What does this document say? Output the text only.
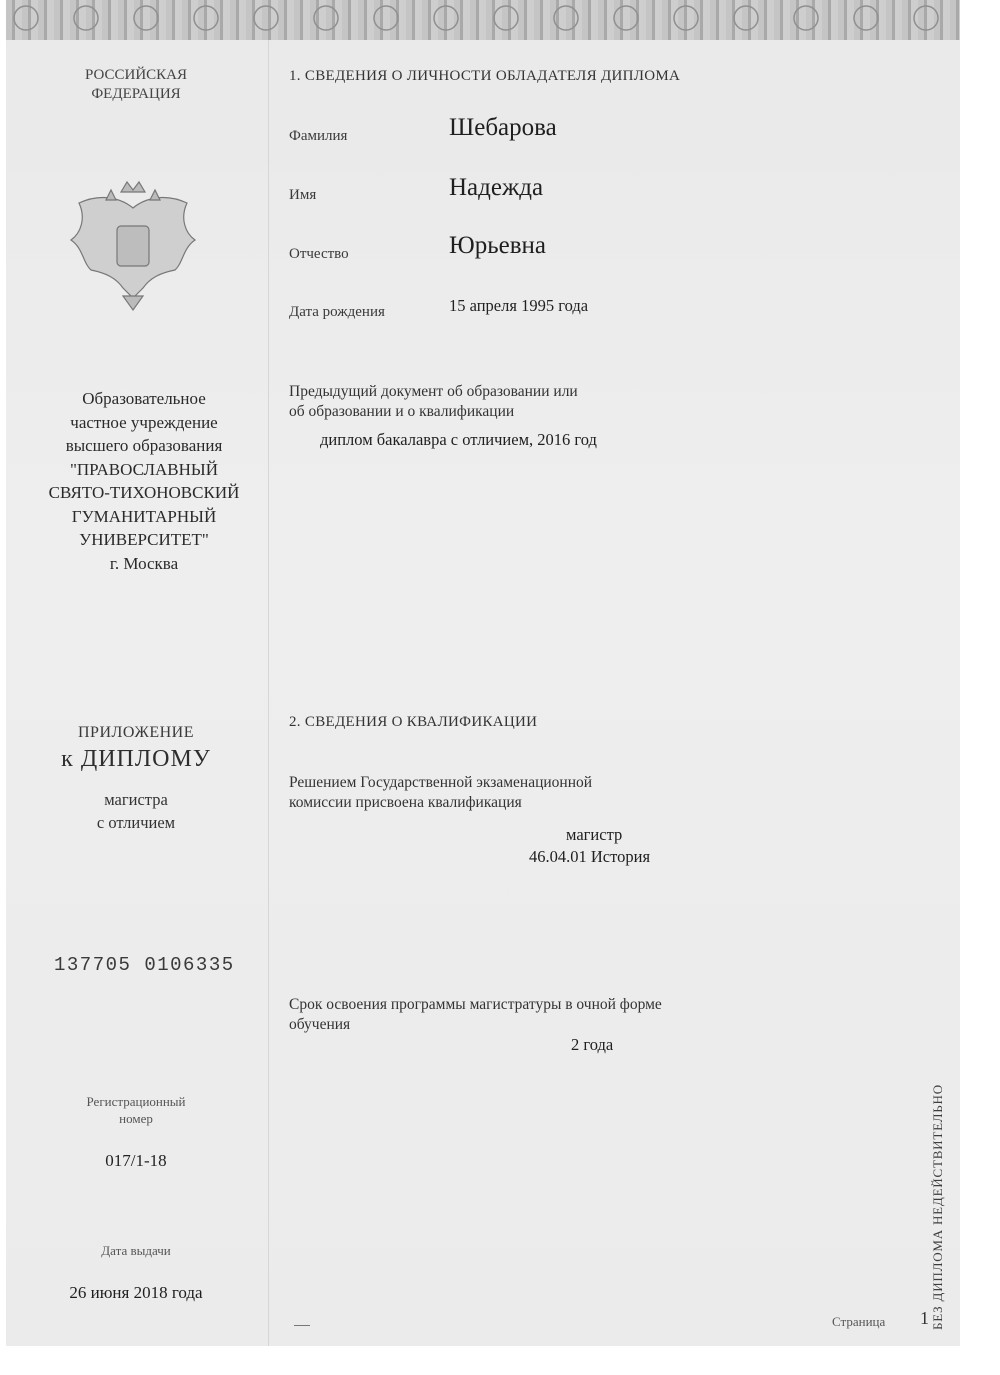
РОССИЙСКАЯ
ФЕДЕРАЦИЯ
Образовательное
частное учреждение
высшего образования
"ПРАВОСЛАВНЫЙ
СВЯТО-ТИХОНОВСКИЙ
ГУМАНИТАРНЫЙ
УНИВЕРСИТЕТ"
г. Москва
ПРИЛОЖЕНИЕ
к ДИПЛОМУ
магистра
с отличием
137705 0106335
Регистрационный
номер
017/1-18
Дата выдачи
26 июня 2018 года
1. СВЕДЕНИЯ О ЛИЧНОСТИ ОБЛАДАТЕЛЯ ДИПЛОМА
Фамилия	Шебарова
Имя	Надежда
Отчество	Юрьевна
Дата рождения	15 апреля 1995 года
Предыдущий документ об образовании или
об образовании и о квалификации
диплом бакалавра с отличием, 2016 год
2. СВЕДЕНИЯ О КВАЛИФИКАЦИИ
Решением Государственной экзаменационной
комиссии присвоена квалификация
магистр
46.04.01 История
Срок освоения программы магистратуры в очной форме
обучения
2 года
Страница 1 БЕЗ ДИПЛОМА НЕДЕЙСТВИТЕЛЬНО
